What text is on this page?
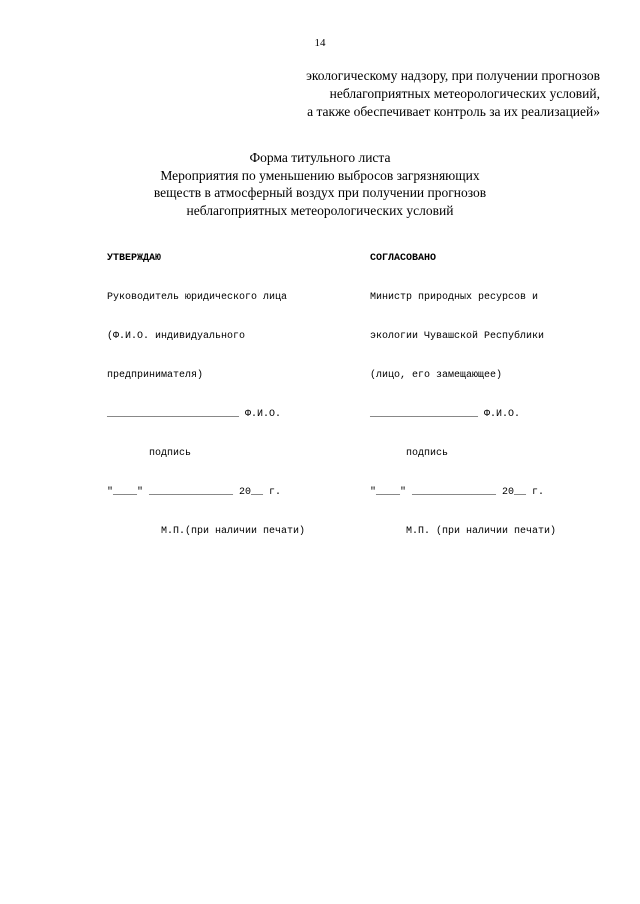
14
экологическому надзору, при получении прогнозов
неблагоприятных метеорологических условий,
а также обеспечивает контроль за их реализацией»
Форма титульного листа
Мероприятия по уменьшению выбросов загрязняющих
веществ в атмосферный воздух при получении прогнозов
неблагоприятных метеорологических условий

УТВЕРЖДАЮ

Руководитель юридического лица

(Ф.И.О. индивидуального

предпринимателя)

______________________ Ф.И.О.

подпись

"____" ______________ 20__ г.

М.П.(при наличии печати)

СОГЛАСОВАНО

Министр природных ресурсов и

экологии Чувашской Республики

(лицо, его замещающее)

__________________ Ф.И.О.

подпись

"____" ______________ 20__ г.

М.П. (при наличии печати)
